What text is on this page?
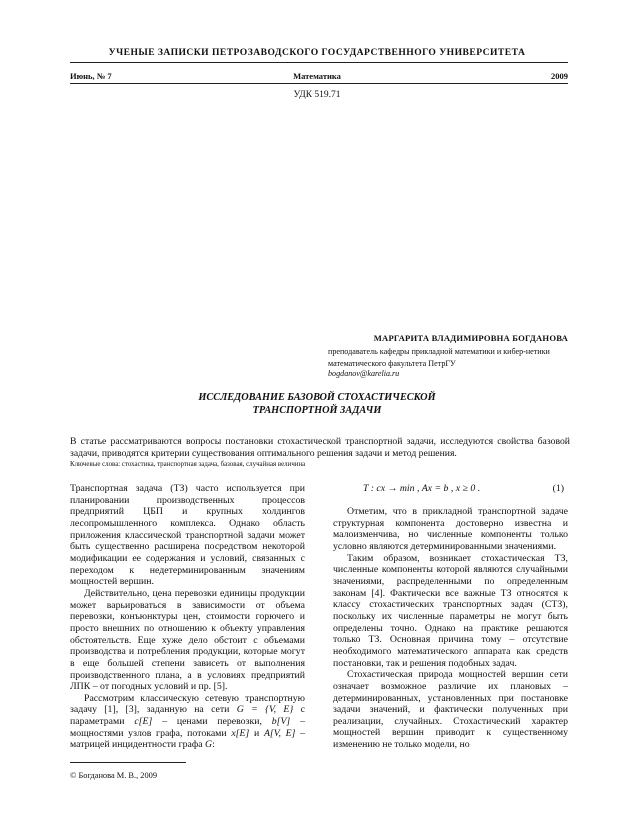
УЧЕНЫЕ ЗАПИСКИ ПЕТРОЗАВОДСКОГО ГОСУДАРСТВЕННОГО УНИВЕРСИТЕТА
Июнь, № 7	Математика	2009
УДК 519.71
МАРГАРИТА ВЛАДИМИРОВНА БОГДАНОВА
преподаватель кафедры прикладной математики и кибер-нетики математического факультета ПетрГУ
bogdanov@karelia.ru
ИССЛЕДОВАНИЕ БАЗОВОЙ СТОХАСТИЧЕСКОЙ
ТРАНСПОРТНОЙ ЗАДАЧИ
В статье рассматриваются вопросы постановки стохастической транспортной задачи, исследуются свойства базовой задачи, приводятся критерии существования оптимального решения задачи и метод решения.
Ключевые слова: стохастика, транспортная задача, базовая, случайная величина

Транспортная задача (ТЗ) часто используется при планировании производственных процессов предприятий ЦБП и крупных холдингов лесопромышленного комплекса. Однако область приложения классической транспортной задачи может быть существенно расширена посредством некоторой модификации ее содержания и условий, связанных с переходом к недетерминированным значениям мощностей вершин.

Действительно, цена перевозки единицы продукции может варьироваться в зависимости от объема перевозки, конъюнктуры цен, стоимости горючего и просто внешних по отношению к объекту управления обстоятельств. Еще хуже дело обстоит с объемами производства и потребления продукции, которые могут в еще большей степени зависеть от выполнения производственного плана, а в условиях предприятий ЛПК – от погодных условий и пр. [5].

Рассмотрим классическую сетевую транспортную задачу [1], [3], заданную на сети G = {V, E} с параметрами c[E] – ценами перевозки, b[V] – мощностями узлов графа, потоками x[E] и A[V, E] – матрицей инцидентности графа G:

T : cx → min , Ax = b , x ≥ 0 .	(1)

Отметим, что в прикладной транспортной задаче структурная компонента достоверно известна и малоизменчива, но численные компоненты только условно являются детерминированными значениями.

Таким образом, возникает стохастическая ТЗ, численные компоненты которой являются случайными значениями, распределенными по определенным законам [4]. Фактически все важные ТЗ относятся к классу стохастических транспортных задач (СТЗ), поскольку их численные параметры не могут быть определены точно. Однако на практике решаются только ТЗ. Основная причина тому – отсутствие необходимого математического аппарата как средств постановки, так и решения подобных задач.

Стохастическая природа мощностей вершин сети означает возможное различие их плановых – детерминированных, установленных при постановке задачи значений, и фактически полученных при реализации, случайных. Стохастический характер мощностей вершин приводит к существенному изменению не только модели, но

© Богданова М. В., 2009
